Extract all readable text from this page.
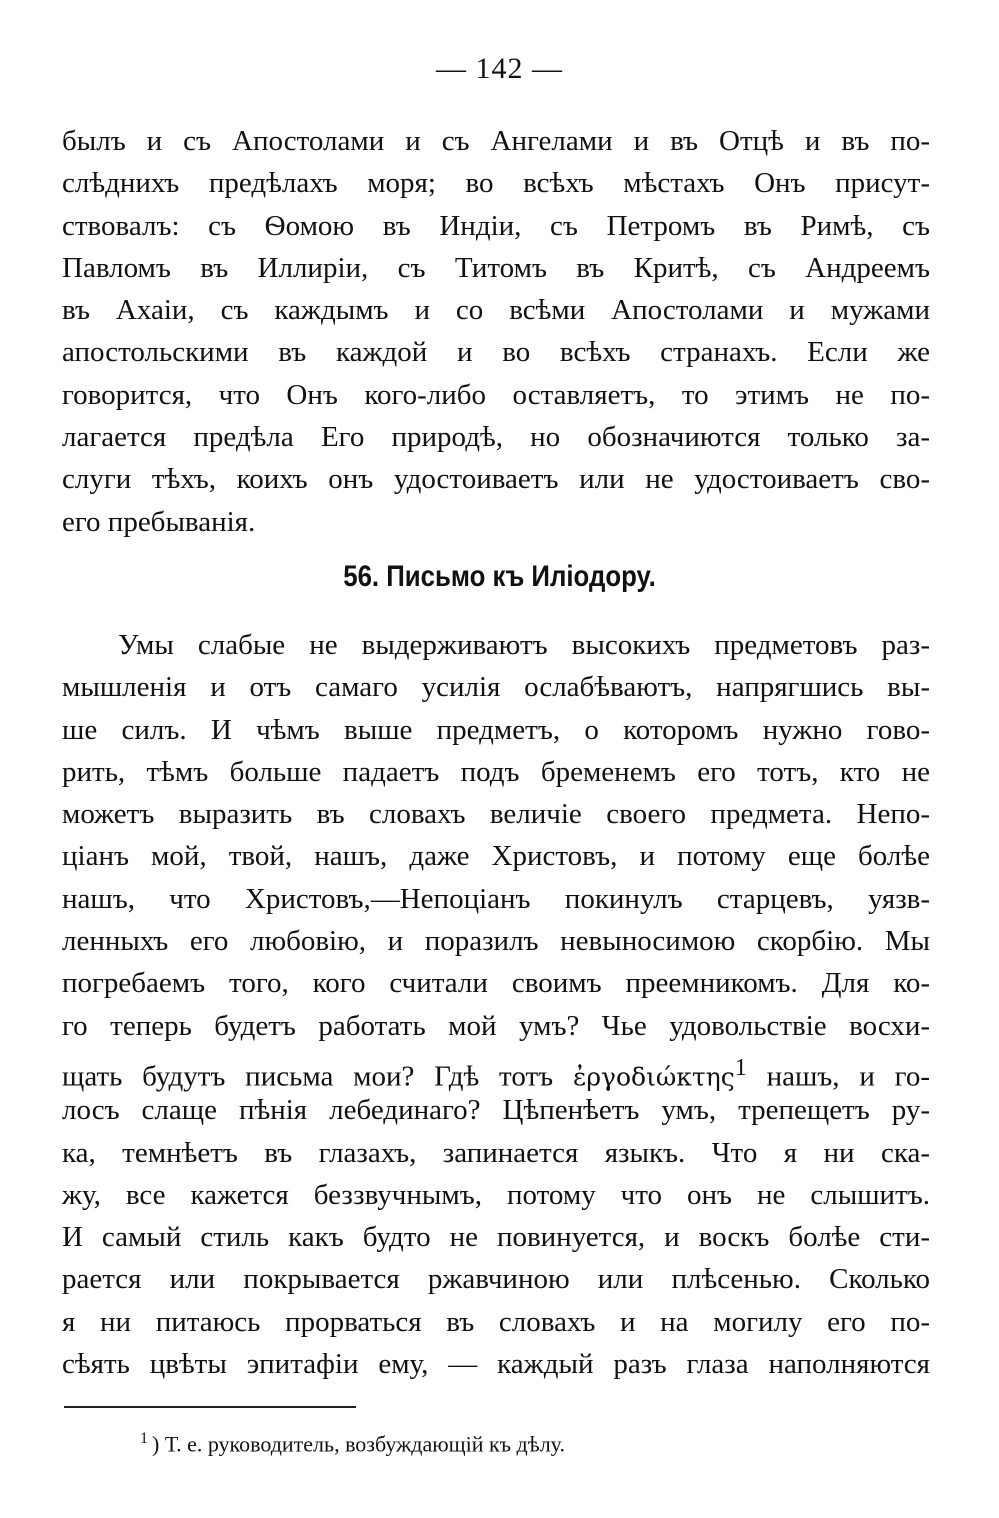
— 142 —
былъ и съ Апостолами и съ Ангелами и въ Отцѣ и въ по-
слѣднихъ предѣлахъ моря; во всѣхъ мѣстахъ Онъ присут-
ствовалъ: съ Ѳомою въ Индіи, съ Петромъ въ Римѣ, съ
Павломъ въ Иллиріи, съ Титомъ въ Критѣ, съ Андреемъ
въ Ахаіи, съ каждымъ и со всѣми Апостолами и мужами
апостольскими въ каждой и во всѣхъ странахъ. Если же
говорится, что Онъ кого-либо оставляетъ, то этимъ не по-
лагается предѣла Его природѣ, но обозначиются только за-
слуги тѣхъ, коихъ онъ удостоиваетъ или не удостоиваетъ сво-
его пребыванія.
56. Письмо къ Иліодору.
Умы слабые не выдерживаютъ высокихъ предметовъ раз-
мышленія и отъ самаго усилія ослабѣваютъ, напрягшись вы-
ше силъ. И чѣмъ выше предметъ, о которомъ нужно гово-
рить, тѣмъ больше падаетъ подъ бременемъ его тотъ, кто не
можетъ выразить въ словахъ величіе своего предмета. Непо-
ціанъ мой, твой, нашъ, даже Христовъ, и потому еще болѣе
нашъ, что Христовъ,—Непоціанъ покинулъ старцевъ, уязв-
ленныхъ его любовію, и поразилъ невыносимою скорбію. Мы
погребаемъ того, кого считали своимъ преемникомъ. Для ко-
го теперь будетъ работать мой умъ? Чье удовольствіе восхи-
щать будутъ письма мои? Гдѣ тотъ ἐργοδιώκτης$^1$ нашъ, и го-
лосъ слаще пѣнія лебединаго? Цѣпенѣетъ умъ, трепещетъ ру-
ка, темнѣетъ въ глазахъ, запинается языкъ. Что я ни ска-
жу, все кажется беззвучнымъ, потому что онъ не слышитъ.
И самый стиль какъ будто не повинуется, и воскъ болѣе сти-
рается или покрывается ржавчиною или плѣсенью. Сколько
я ни питаюсь прорваться въ словахъ и на могилу его по-
сѣять цвѣты эпитафіи ему, — каждый разъ глаза наполняются
$^1$ ) Т. е. руководитель, возбуждающій къ дѣлу.
